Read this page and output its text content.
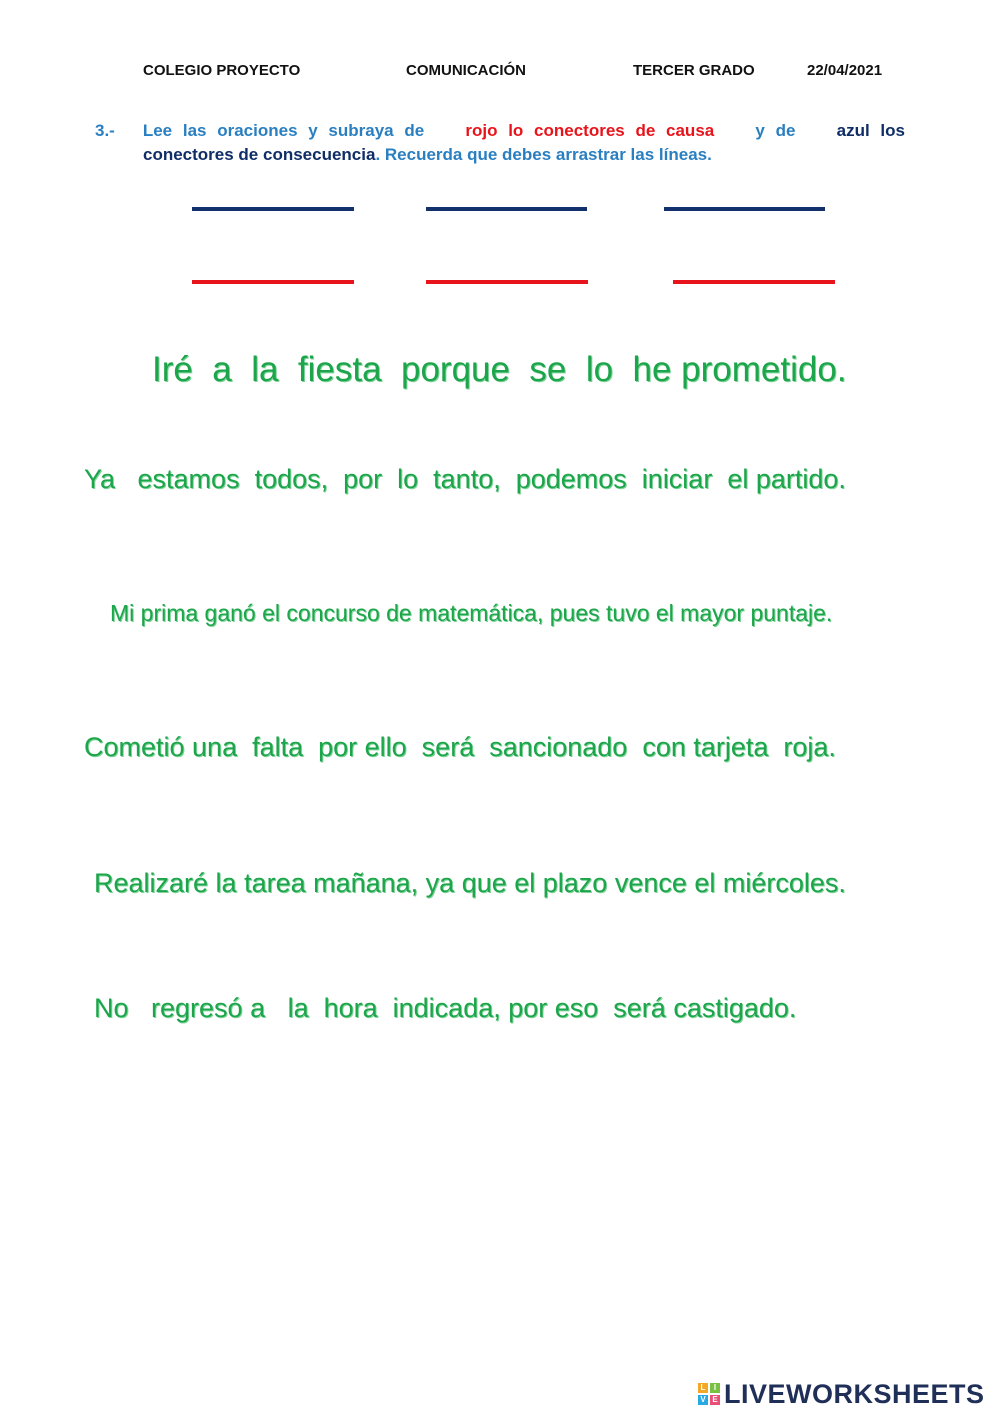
COLEGIO PROYECTO	COMUNICACIÓN	TERCER GRADO	22/04/2021
3.- Lee las oraciones y subraya de rojo lo conectores de causa y de azul los
conectores de consecuencia. Recuerda que debes arrastrar las líneas.
Iré  a  la  fiesta  porque  se  lo  he prometido.
Ya   estamos  todos,  por  lo  tanto,  podemos  iniciar  el partido.
Mi prima ganó el concurso de matemática, pues tuvo el mayor puntaje.
Cometió una  falta  por ello  será  sancionado  con tarjeta  roja.
Realizaré la tarea mañana, ya que el plazo vence el miércoles.
No   regresó a   la  hora  indicada, por eso  será castigado.
L	I
V E LIVEWORKSHEETS
